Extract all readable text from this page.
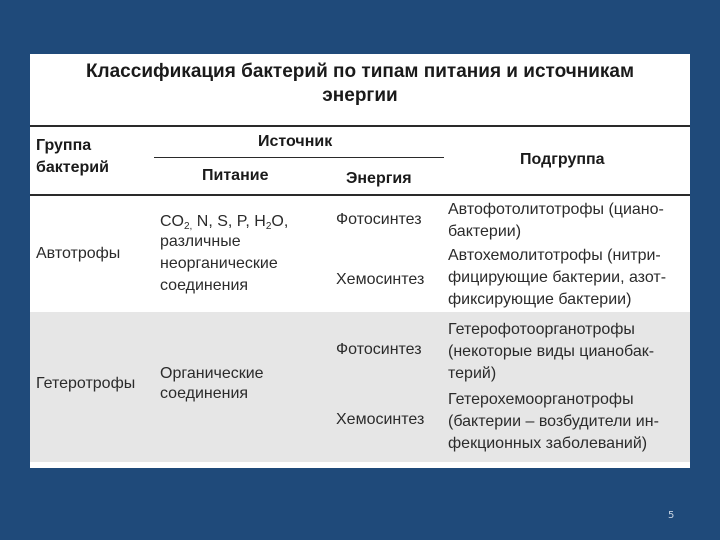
Классификация бактерий по типам питания и источникам
энергии
Группа
бактерий
Источник
Питание	Энергия
Подгруппа
Автотрофы
$CO_{2,}$ N, S, P, $H_2O$,
различные
неорганические
соединения
Фотосинтез
Хемосинтез
Автофотолитотрофы (циано-
бактерии)
Автохемолитотрофы (нитри-
фицирующие бактерии, азот-
фиксирующие бактерии)
Гетеротрофы
Органические
соединения
Фотосинтез
Хемосинтез
Гетерофотоорганотрофы
(некоторые виды цианобак-
терий)
Гетерохемоорганотрофы
(бактерии – возбудители ин-
фекционных заболеваний)
5
